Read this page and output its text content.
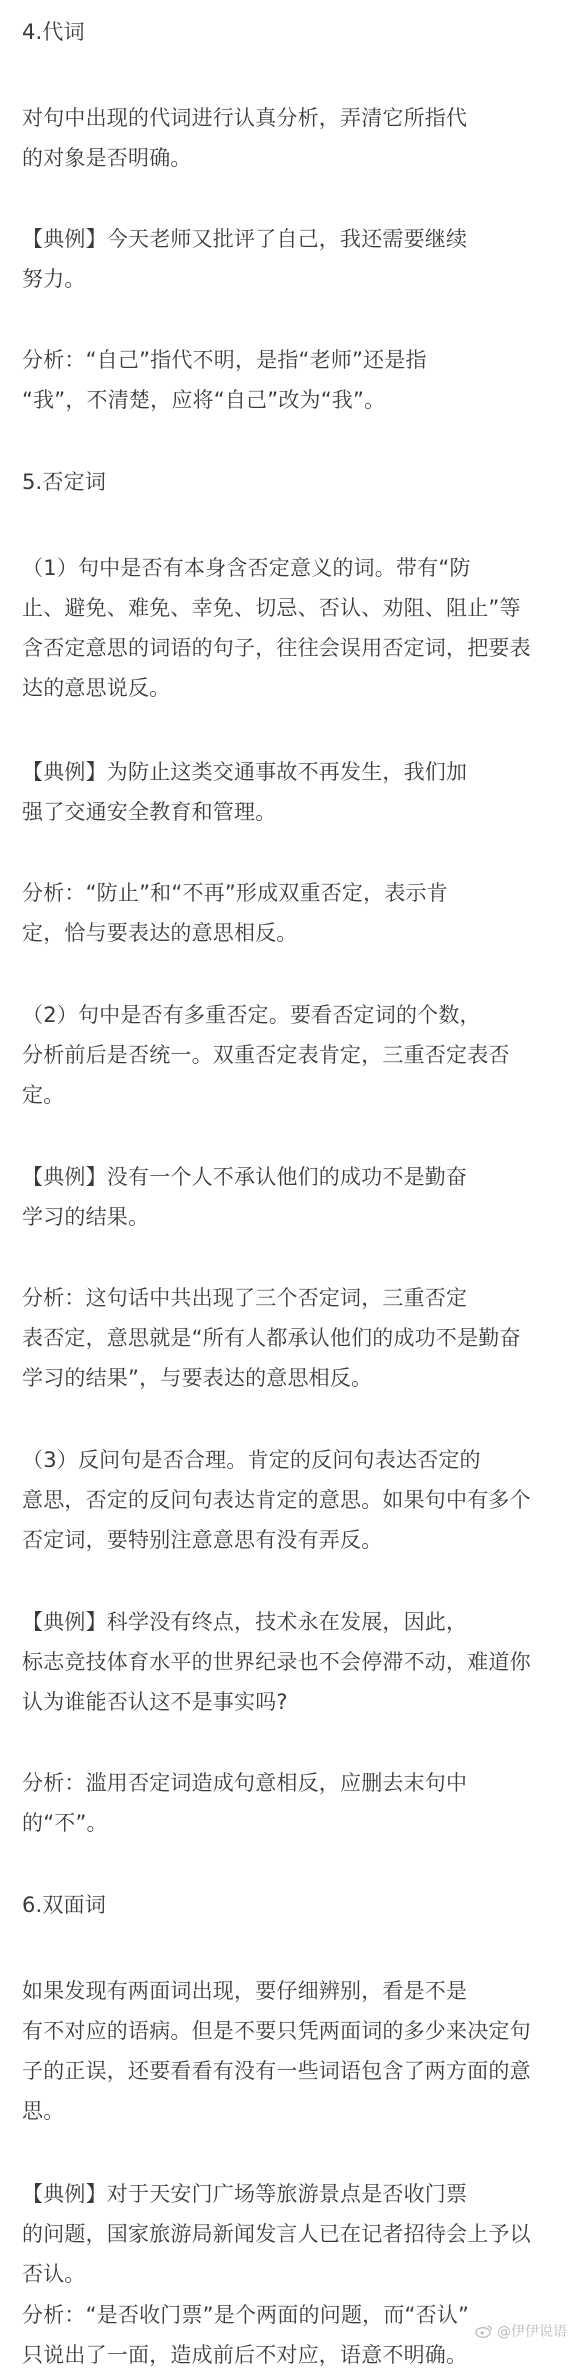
4.代词
对句中出现的代词进行认真分析，弄清它所指代
的对象是否明确。
【典例】今天老师又批评了自己，我还需要继续
努力。
分析：“自己”指代不明，是指“老师”还是指
“我”，不清楚，应将“自己”改为“我”。
5.否定词
（1）句中是否有本身含否定意义的词。带有“防
止、避免、难免、幸免、切忌、否认、劝阻、阻止”等
含否定意思的词语的句子，往往会误用否定词，把要表
达的意思说反。
【典例】为防止这类交通事故不再发生，我们加
强了交通安全教育和管理。
分析：“防止”和“不再”形成双重否定，表示肯
定，恰与要表达的意思相反。
（2）句中是否有多重否定。要看否定词的个数，
分析前后是否统一。双重否定表肯定，三重否定表否
定。
【典例】没有一个人不承认他们的成功不是勤奋
学习的结果。
分析：这句话中共出现了三个否定词，三重否定
表否定，意思就是“所有人都承认他们的成功不是勤奋
学习的结果”，与要表达的意思相反。
（3）反问句是否合理。肯定的反问句表达否定的
意思，否定的反问句表达肯定的意思。如果句中有多个
否定词，要特别注意意思有没有弄反。
【典例】科学没有终点，技术永在发展，因此，
标志竞技体育水平的世界纪录也不会停滞不动，难道你
认为谁能否认这不是事实吗?
分析：滥用否定词造成句意相反，应删去末句中
的“不”。
6.双面词
如果发现有两面词出现，要仔细辨别，看是不是
有不对应的语病。但是不要只凭两面词的多少来决定句
子的正误，还要看看有没有一些词语包含了两方面的意
思。
【典例】对于天安门广场等旅游景点是否收门票
的问题，国家旅游局新闻发言人已在记者招待会上予以
否认。
分析：“是否收门票”是个两面的问题，而“否认”
只说出了一面，造成前后不对应，语意不明确。
@伊伊说语
